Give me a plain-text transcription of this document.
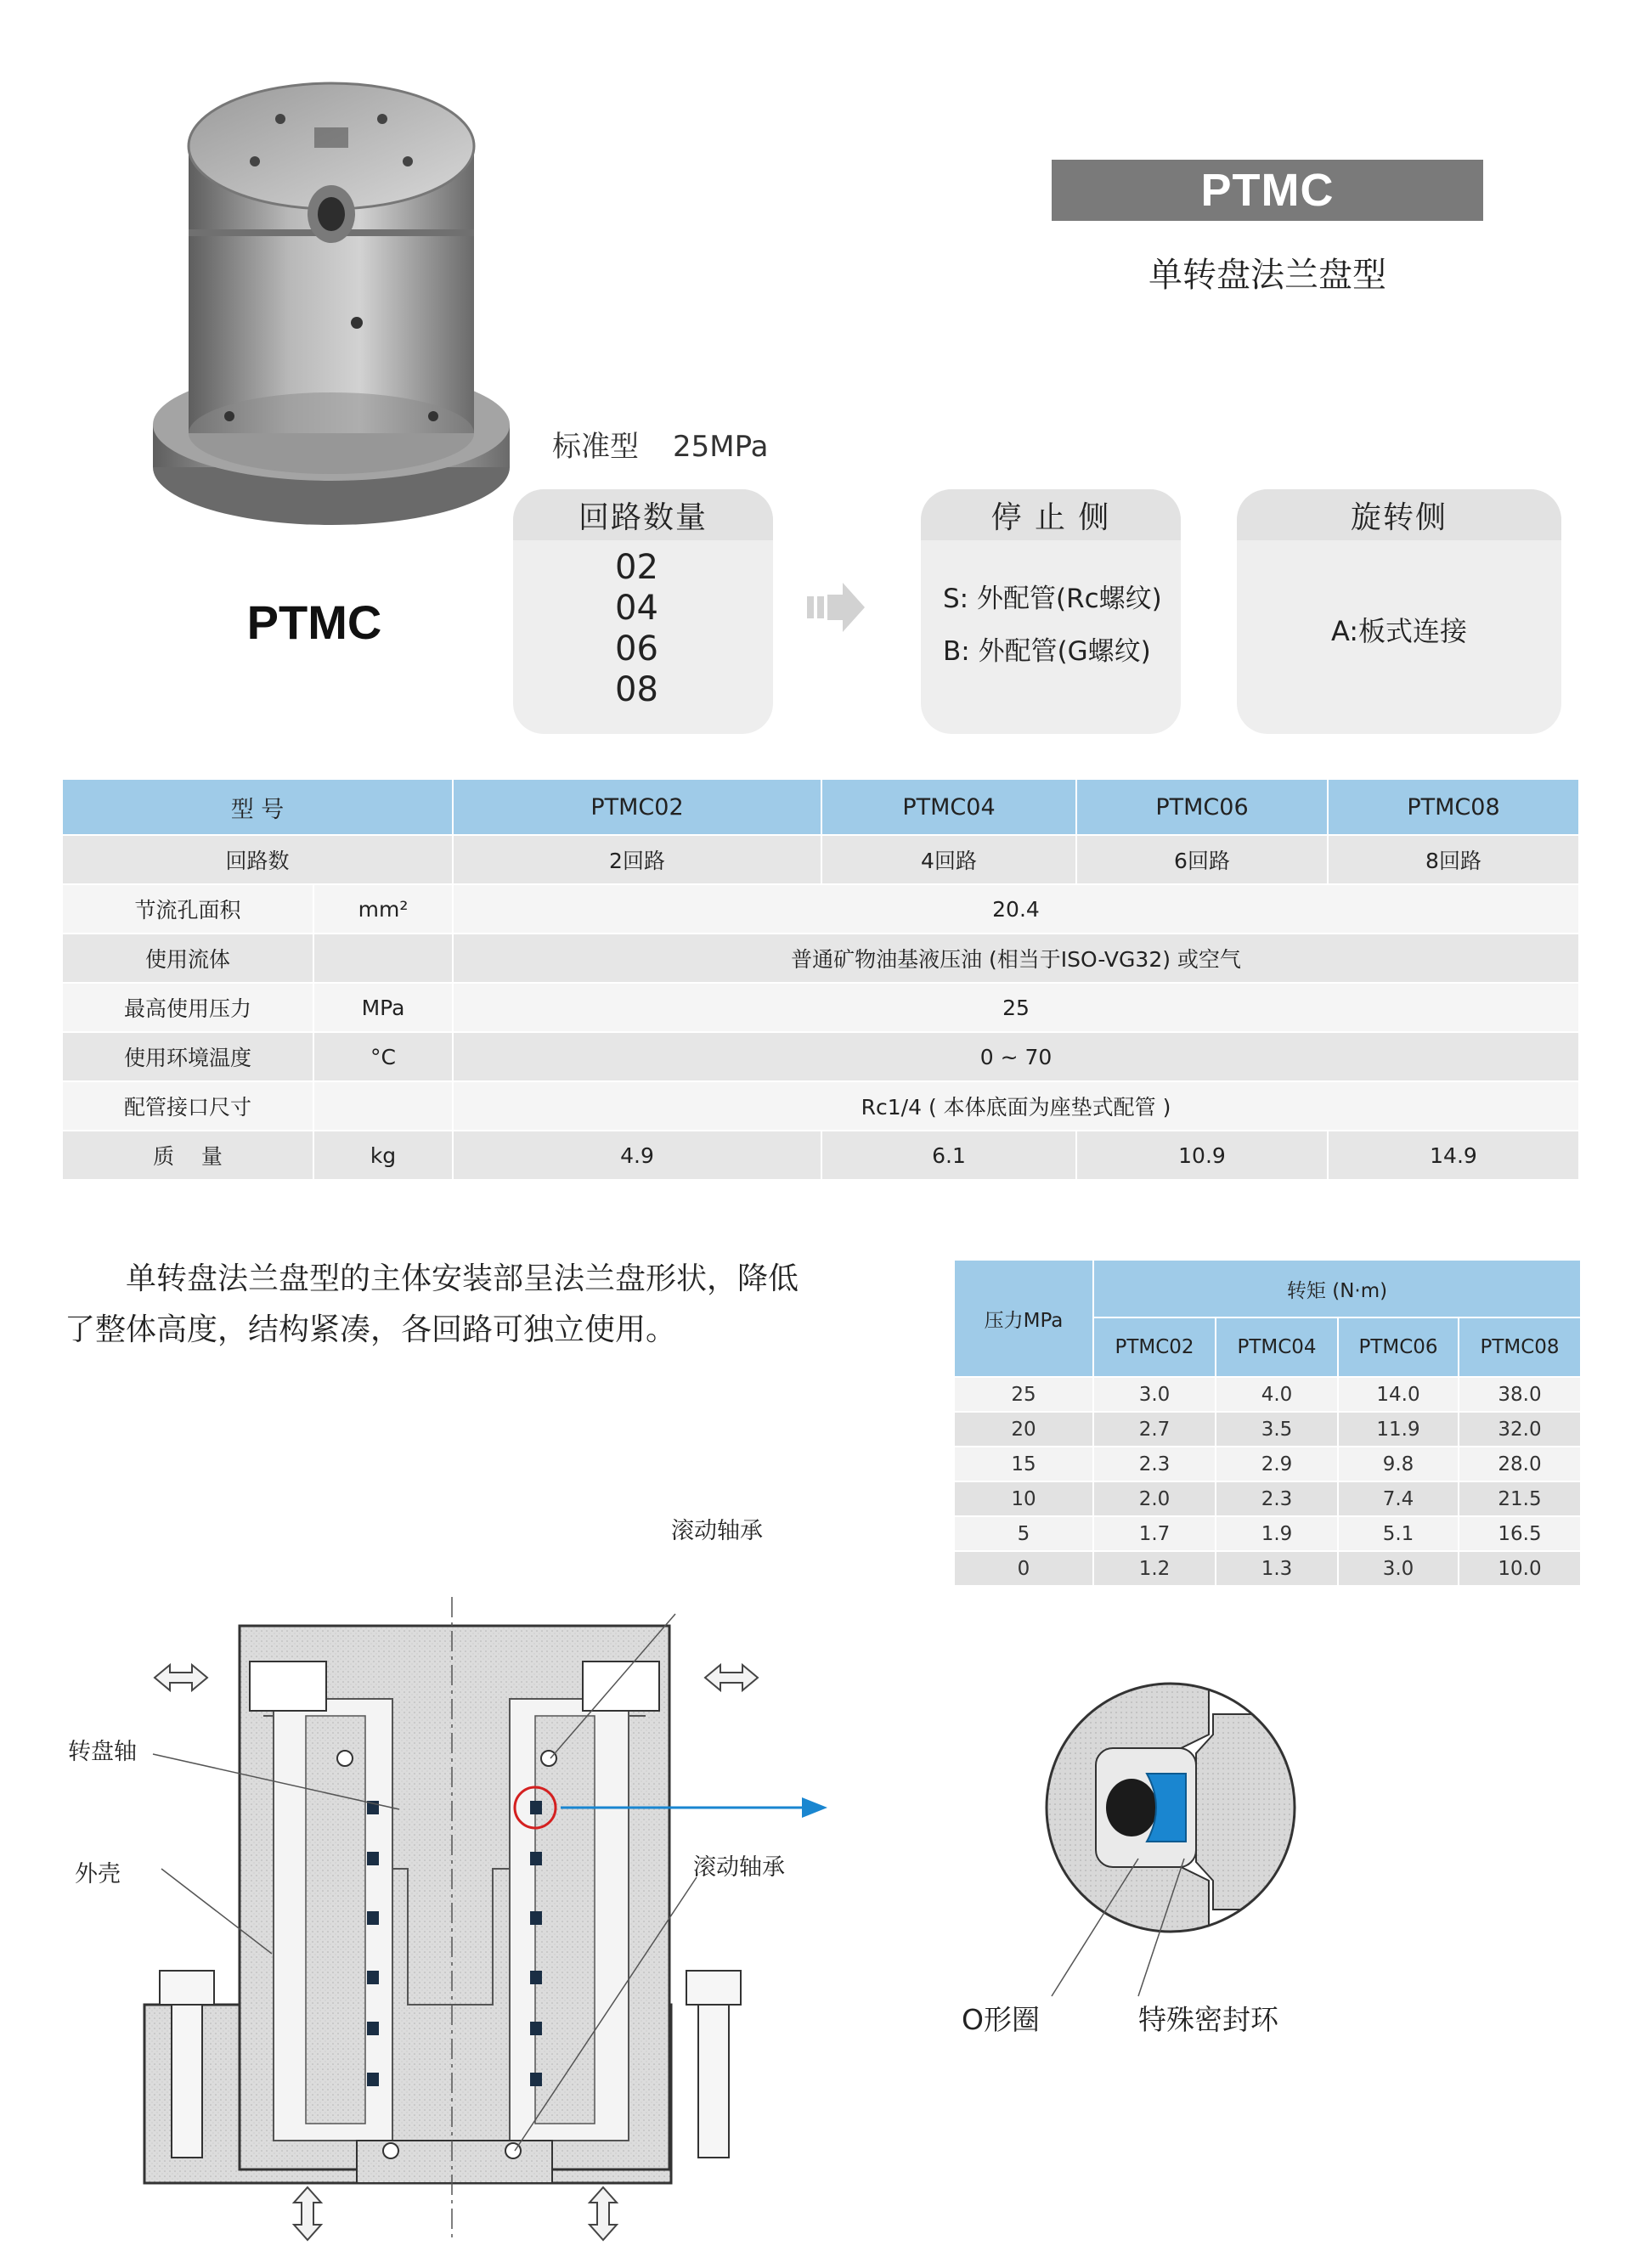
PTMC
单转盘法兰盘型
PTMC
标准型 25MPa
回路数量
02
04
06
08
停 止 侧
S: 外配管(Rc螺纹)
B: 外配管(G螺纹)
旋转侧
A:板式连接
型 号		PTMC02	PTMC04	PTMC06	PTMC08
回路数		2回路	4回路	6回路	8回路
节流孔面积	mm²	20.4			
使用流体		普通矿物油基液压油 (相当于ISO-VG32) 或空气			
最高使用压力	MPa	25			
使用环境温度	°C	0 ~ 70			
配管接口尺寸		Rc1/4 ( 本体底面为座垫式配管 )			
质    量	kg	4.9	6.1	10.9	14.9
单转盘法兰盘型的主体安装部呈法兰盘形状，降低了整体高度，结构紧凑，各回路可独立使用。	压力MPa	转矩 (N·m)			
	PTMC02	PTMC04	PTMC06	PTMC08
25	3.0	4.0	14.0	38.0
20	2.7	3.5	11.9	32.0
15	2.3	2.9	9.8	28.0
10	2.0	2.3	7.4	21.5
5	1.7	1.9	5.1	16.5
0	1.2	1.3	3.0	10.0
滚动轴承
转盘轴
外壳	滚动轴承
O形圈	特殊密封环
